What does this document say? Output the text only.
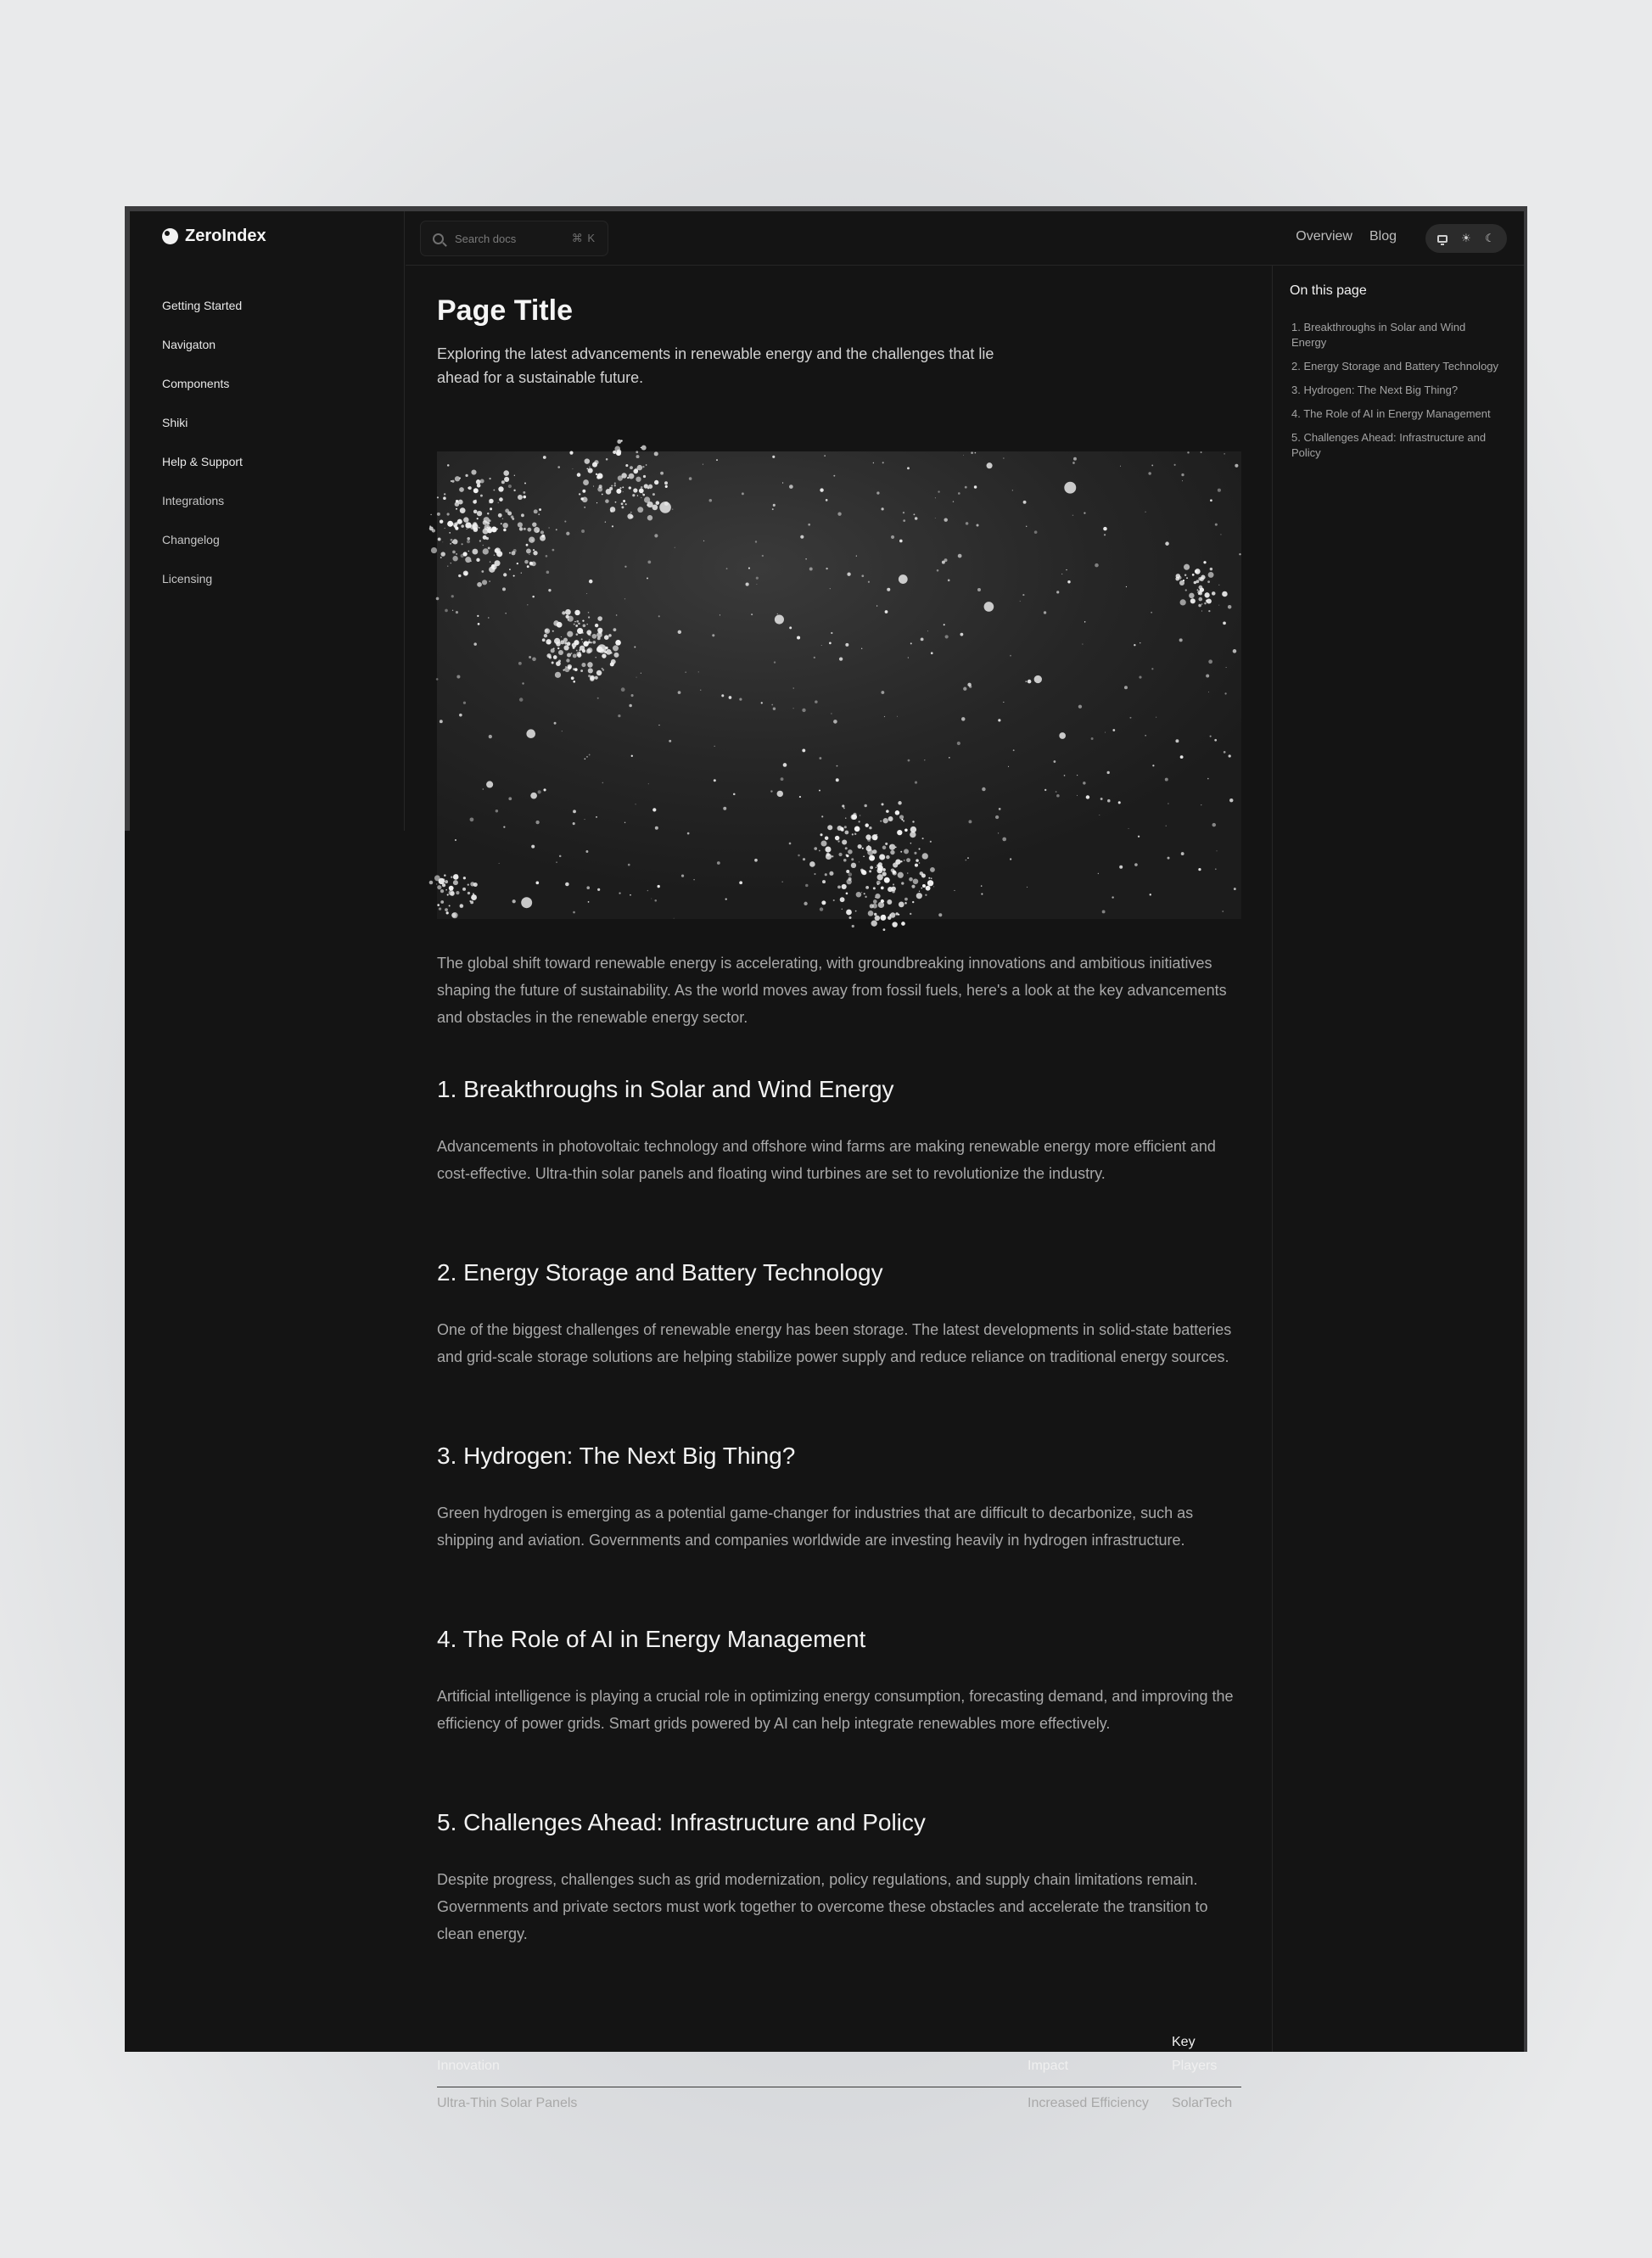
ZeroIndex
Getting Started
Navigaton
Components
Shiki
Help & Support
Integrations
Changelog
Licensing
Search docs	⌘ K	Overview Blog	☀ ☾
Page Title

Exploring the latest advancements in renewable energy and the challenges that lie ahead for a sustainable future.

The global shift toward renewable energy is accelerating, with groundbreaking innovations and ambitious initiatives shaping the future of sustainability. As the world moves away from fossil fuels, here's a look at the key advancements and obstacles in the renewable energy sector.

1. Breakthroughs in Solar and Wind Energy

Advancements in photovoltaic technology and offshore wind farms are making renewable energy more efficient and cost-effective. Ultra-thin solar panels and floating wind turbines are set to revolutionize the industry.

2. Energy Storage and Battery Technology

One of the biggest challenges of renewable energy has been storage. The latest developments in solid-state batteries and grid-scale storage solutions are helping stabilize power supply and reduce reliance on traditional energy sources.

3. Hydrogen: The Next Big Thing?

Green hydrogen is emerging as a potential game-changer for industries that are difficult to decarbonize, such as shipping and aviation. Governments and companies worldwide are investing heavily in hydrogen infrastructure.

4. The Role of AI in Energy Management

Artificial intelligence is playing a crucial role in optimizing energy consumption, forecasting demand, and improving the efficiency of power grids. Smart grids powered by AI can help integrate renewables more effectively.

5. Challenges Ahead: Infrastructure and Policy

Despite progress, challenges such as grid modernization, policy regulations, and supply chain limitations remain. Governments and private sectors must work together to overcome these obstacles and accelerate the transition to clean energy.

Innovation	Impact	Key Players
Ultra-Thin Solar Panels	Increased Efficiency	SolarTech
On this page
1. Breakthroughs in Solar and Wind Energy
2. Energy Storage and Battery Technology
3. Hydrogen: The Next Big Thing?
4. The Role of AI in Energy Management
5. Challenges Ahead: Infrastructure and Policy
